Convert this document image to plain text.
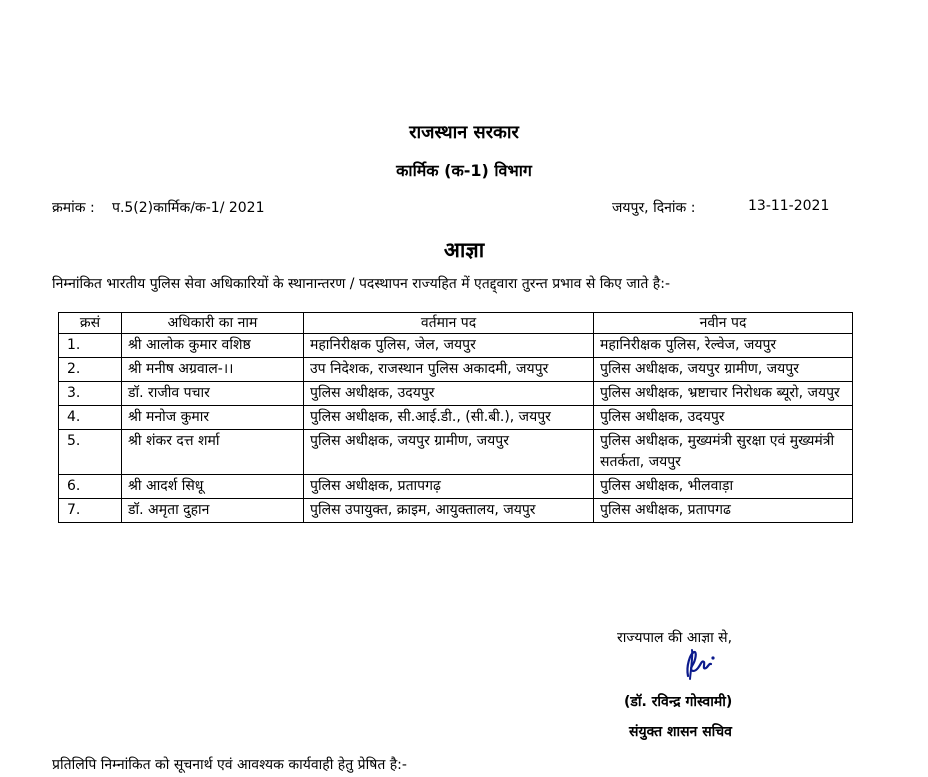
राजस्थान सरकार
कार्मिक (क-1) विभाग
क्रमांक : प.5(2)कार्मिक/क-1/ 2021	जयपुर, दिनांक :	13-11-2021
आज्ञा
निम्नांकित भारतीय पुलिस सेवा अधिकारियों के स्थानान्तरण / पदस्थापन राज्यहित में एतद्द्वारा तुरन्त प्रभाव से किए जाते है:-
क्रसं	अधिकारी का नाम	वर्तमान पद	नवीन पद
1.	श्री आलोक कुमार वशिष्ठ	महानिरीक्षक पुलिस, जेल, जयपुर	महानिरीक्षक पुलिस, रेल्वेज, जयपुर
2.	श्री मनीष अग्रवाल-।।	उप निदेशक, राजस्थान पुलिस अकादमी, जयपुर	पुलिस अधीक्षक, जयपुर ग्रामीण, जयपुर
3.	डॉ. राजीव पचार	पुलिस अधीक्षक, उदयपुर	पुलिस अधीक्षक, भ्रष्टाचार निरोधक ब्यूरो, जयपुर
4.	श्री मनोज कुमार	पुलिस अधीक्षक, सी.आई.डी., (सी.बी.), जयपुर	पुलिस अधीक्षक, उदयपुर
5.	श्री शंकर दत्त शर्मा	पुलिस अधीक्षक, जयपुर ग्रामीण, जयपुर	पुलिस अधीक्षक, मुख्यमंत्री सुरक्षा एवं मुख्यमंत्री सतर्कता, जयपुर
6.	श्री आदर्श सिधू	पुलिस अधीक्षक, प्रतापगढ़	पुलिस अधीक्षक, भीलवाड़ा
7.	डॉ. अमृता दुहान	पुलिस उपायुक्त, क्राइम, आयुक्तालय, जयपुर	पुलिस अधीक्षक, प्रतापगढ
राज्यपाल की आज्ञा से,
(डॉ. रविन्द्र गोस्वामी)
संयुक्त शासन सचिव
प्रतिलिपि निम्नांकित को सूचनार्थ एवं आवश्यक कार्यवाही हेतु प्रेषित है:-
